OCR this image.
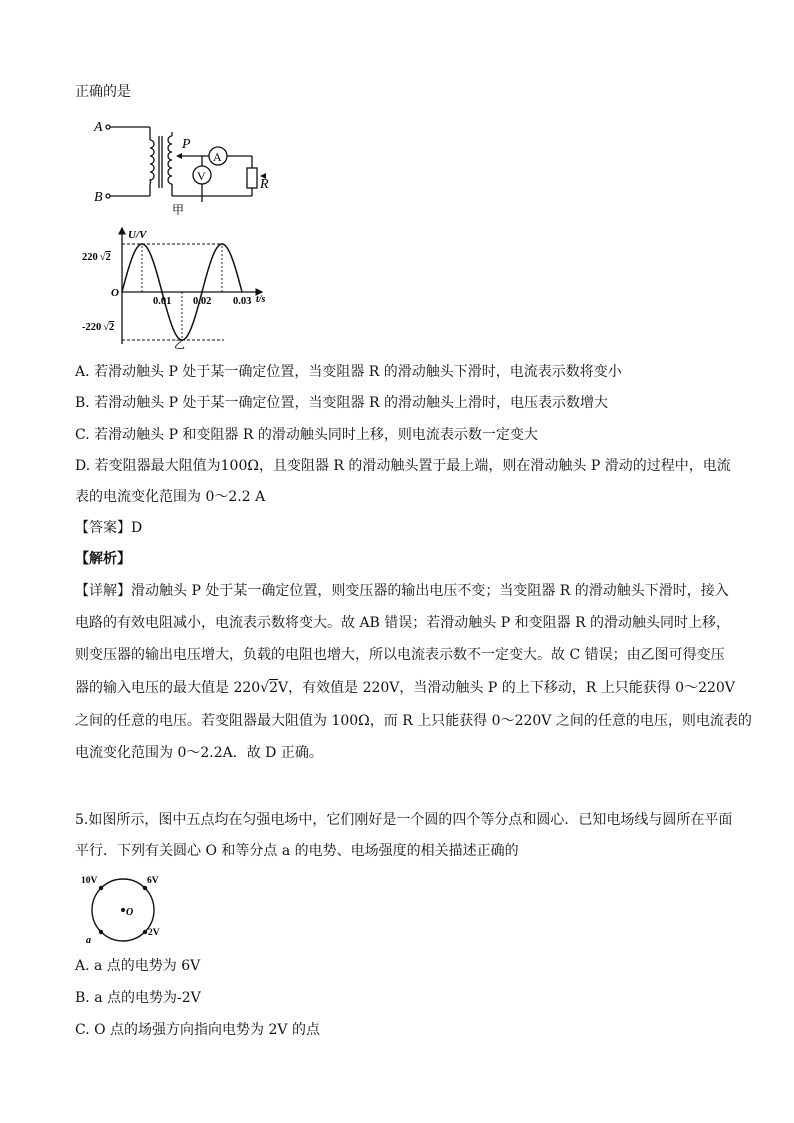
正确的是
A
B
P
A
V
R
甲
0.01 0.02 0.03
U/V
O
220 √2
-220 √2
t/s
乙
A. 若滑动触头 P 处于某一确定位置，当变阻器 R 的滑动触头下滑时，电流表示数将变小
B. 若滑动触头 P 处于某一确定位置，当变阻器 R 的滑动触头上滑时，电压表示数增大
C. 若滑动触头 P 和变阻器 R 的滑动触头同时上移，则电流表示数一定变大
D. 若变阻器最大阻值为100Ω，且变阻器 R 的滑动触头置于最上端，则在滑动触头 P 滑动的过程中，电流
表的电流变化范围为 0～2.2 A
【答案】D
【解析】
【详解】滑动触头 P 处于某一确定位置，则变压器的输出电压不变；当变阻器 R 的滑动触头下滑时，接入
电路的有效电阻减小，电流表示数将变大。故 AB 错误；若滑动触头 P 和变阻器 R 的滑动触头同时上移，
则变压器的输出电压增大，负载的电阻也增大，所以电流表示数不一定变大。故 C 错误；由乙图可得变压
器的输入电压的最大值是 220√2V，有效值是 220V，当滑动触头 P 的上下移动，R 上只能获得 0～220V
之间的任意的电压。若变阻器最大阻值为 100Ω，而 R 上只能获得 0～220V 之间的任意的电压，则电流表的
电流变化范围为 0～2.2A．故 D 正确。
5.如图所示，图中五点均在匀强电场中，它们刚好是一个圆的四个等分点和圆心．已知电场线与圆所在平面
平行．下列有关圆心 O 和等分点 a 的电势、电场强度的相关描述正确的
10V	6V
O
2V
a
A. a 点的电势为 6V
B. a 点的电势为-2V
C. O 点的场强方向指向电势为 2V 的点
